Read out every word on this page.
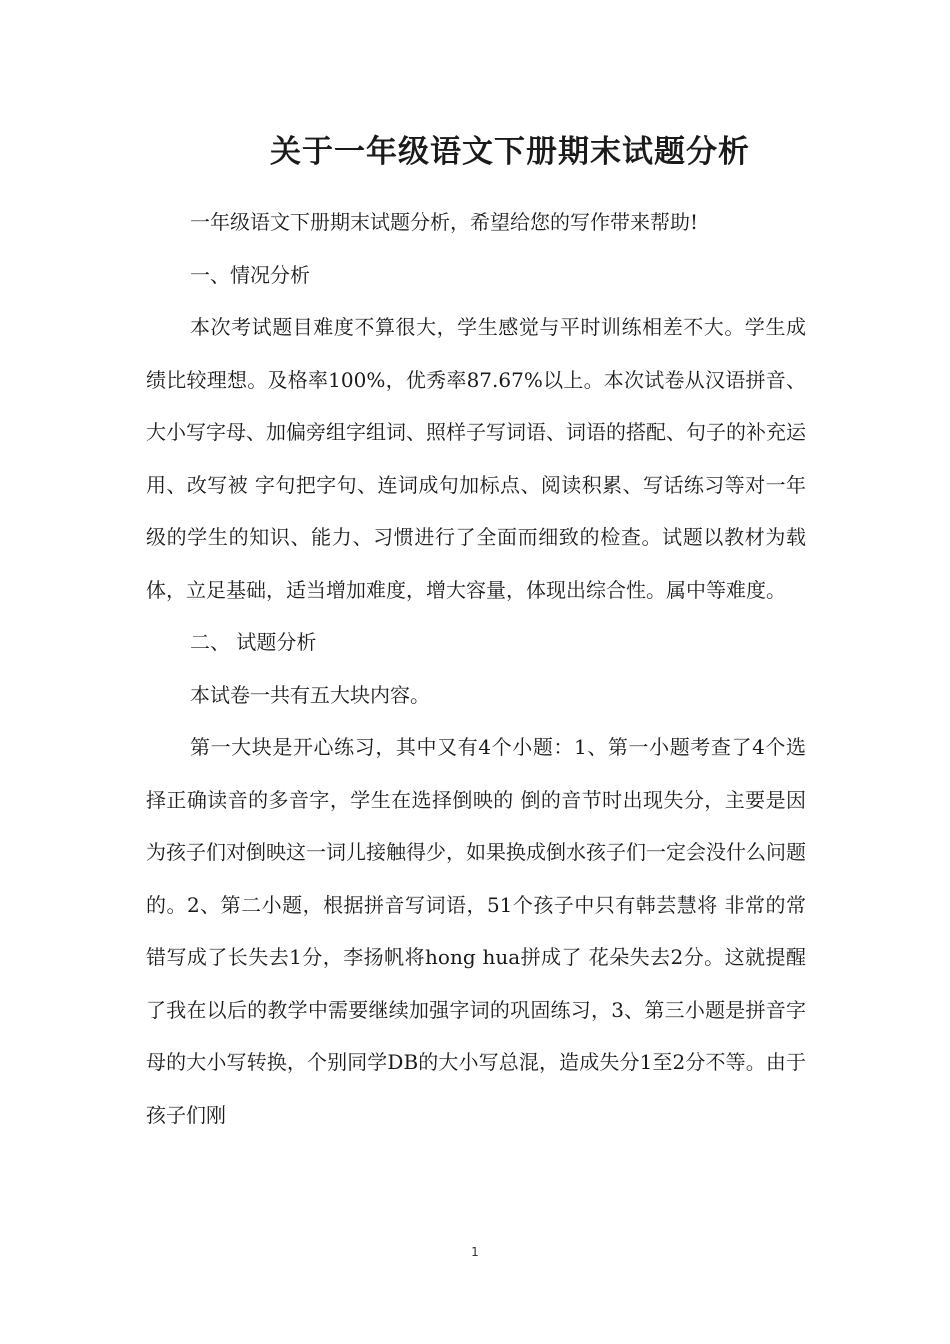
关于一年级语文下册期末试题分析

一年级语文下册期末试题分析，希望给您的写作带来帮助!

一、情况分析

本次考试题目难度不算很大，学生感觉与平时训练相差不大。学生成绩比较理想。及格率100%，优秀率87.67%以上。本次试卷从汉语拼音、大小写字母、加偏旁组字组词、照样子写词语、词语的搭配、句子的补充运用、改写被 字句把字句、连词成句加标点、阅读积累、写话练习等对一年级的学生的知识、能力、习惯进行了全面而细致的检查。试题以教材为载体，立足基础，适当增加难度，增大容量，体现出综合性。属中等难度。

二、 试题分析

本试卷一共有五大块内容。

第一大块是开心练习，其中又有4个小题：1、第一小题考查了4个选择正确读音的多音字，学生在选择倒映的 倒的音节时出现失分，主要是因为孩子们对倒映这一词儿接触得少，如果换成倒水孩子们一定会没什么问题的。2、第二小题，根据拼音写词语，51个孩子中只有韩芸慧将 非常的常错写成了长失去1分，李扬帆将hong hua拼成了 花朵失去2分。这就提醒了我在以后的教学中需要继续加强字词的巩固练习，3、第三小题是拼音字母的大小写转换，个别同学DB的大小写总混，造成失分1至2分不等。由于孩子们刚

1
